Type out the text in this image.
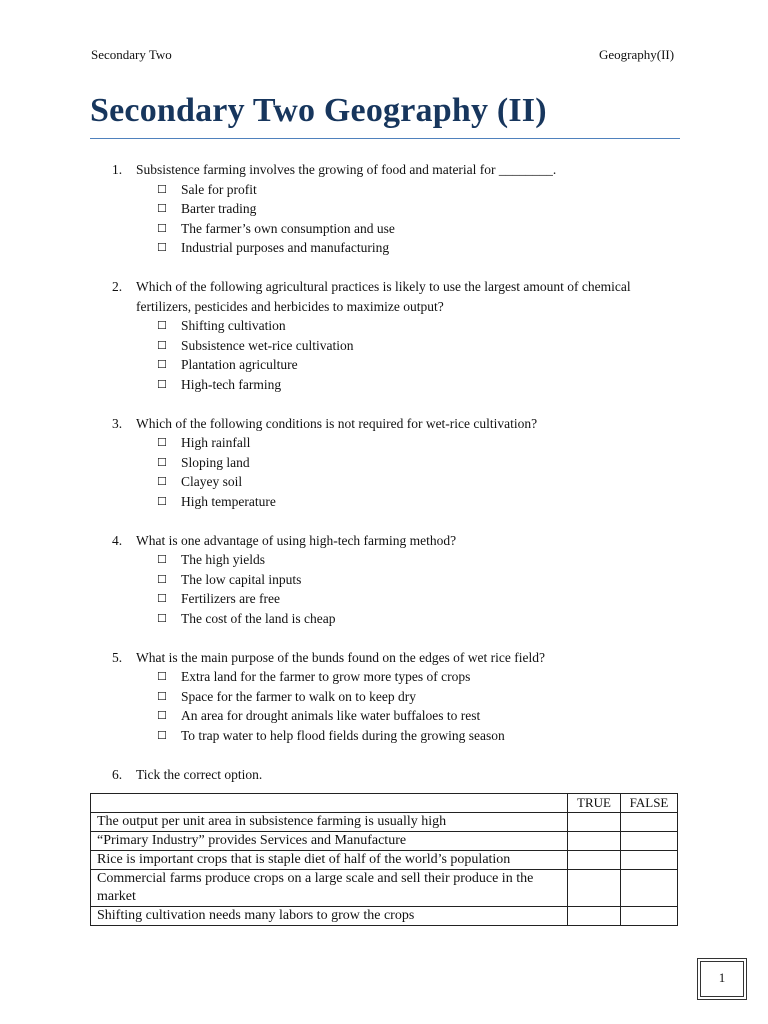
Secondary Two	Geography(II)
Secondary Two Geography (II)
1.	Subsistence farming involves the growing of food and material for ________.
☐ Sale for profit
☐ Barter trading
☐ The farmer’s own consumption and use
☐ Industrial purposes and manufacturing
2.	Which of the following agricultural practices is likely to use the largest amount of chemical fertilizers, pesticides and herbicides to maximize output?
☐ Shifting cultivation
☐ Subsistence wet-rice cultivation
☐ Plantation agriculture
☐ High-tech farming
3.	Which of the following conditions is not required for wet-rice cultivation?
☐ High rainfall
☐ Sloping land
☐ Clayey soil
☐ High temperature
4.	What is one advantage of using high-tech farming method?
☐ The high yields
☐ The low capital inputs
☐ Fertilizers are free
☐ The cost of the land is cheap
5.	What is the main purpose of the bunds found on the edges of wet rice field?
☐ Extra land for the farmer to grow more types of crops
☐ Space for the farmer to walk on to keep dry
☐ An area for drought animals like water buffaloes to rest
☐ To trap water to help flood fields during the growing season
6.	Tick the correct option.
	TRUE	FALSE
The output per unit area in subsistence farming is usually high		
“Primary Industry” provides Services and Manufacture		
Rice is important crops that is staple diet of half of the world’s population		
Commercial farms produce crops on a large scale and sell their produce in the market		
Shifting cultivation needs many labors to grow the crops		
1
